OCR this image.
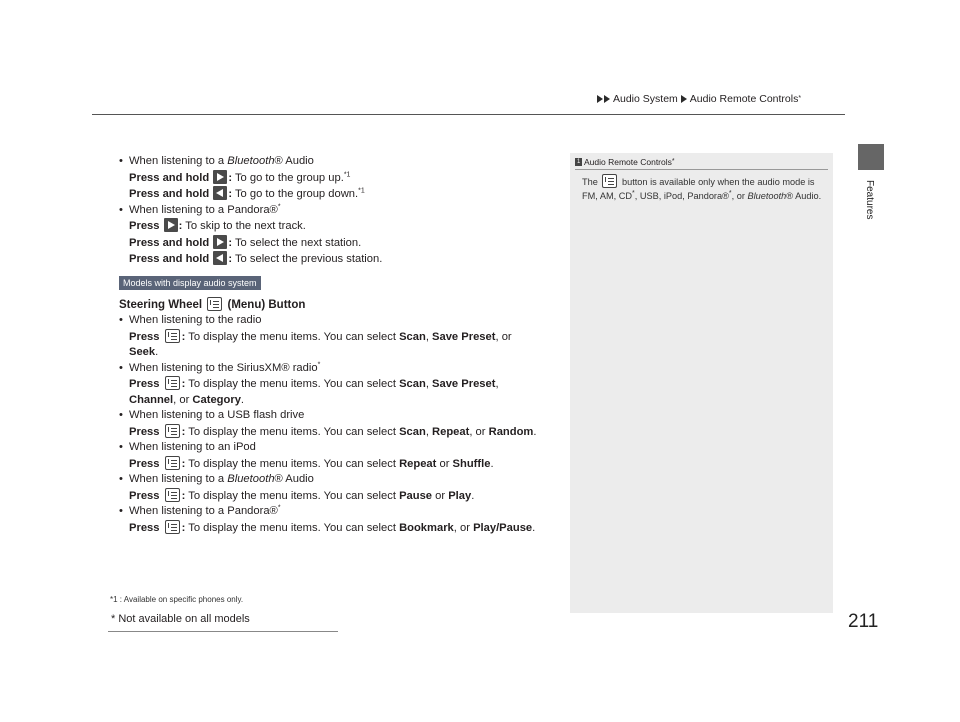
Audio System Audio Remote Controls *
Features
211
• When listening to a Bluetooth® Audio
Press and hold : To go to the group up.$^{*1}$
Press and hold : To go to the group down.$^{*1}$
• When listening to a Pandora®*
Press : To skip to the next track.
Press and hold : To select the next station.
Press and hold : To select the previous station.
Models with display audio system
Steering Wheel (Menu) Button
• When listening to the radio
Press : To display the menu items. You can select Scan, Save Preset, or
Seek.
• When listening to the SiriusXM® radio*
Press : To display the menu items. You can select Scan, Save Preset,
Channel, or Category.
• When listening to a USB flash drive
Press : To display the menu items. You can select Scan, Repeat, or Random.
• When listening to an iPod
Press : To display the menu items. You can select Repeat or Shuffle.
• When listening to a Bluetooth® Audio
Press : To display the menu items. You can select Pause or Play.
• When listening to a Pandora®*
Press : To display the menu items. You can select Bookmark, or Play/Pause.
*1 : Available on specific phones only.
1
Audio Remote Controls *
The	button is available only when the audio mode is FM, AM, CD*, USB, iPod, Pandora®*, or Bluetooth® Audio.
* Not available on all models
